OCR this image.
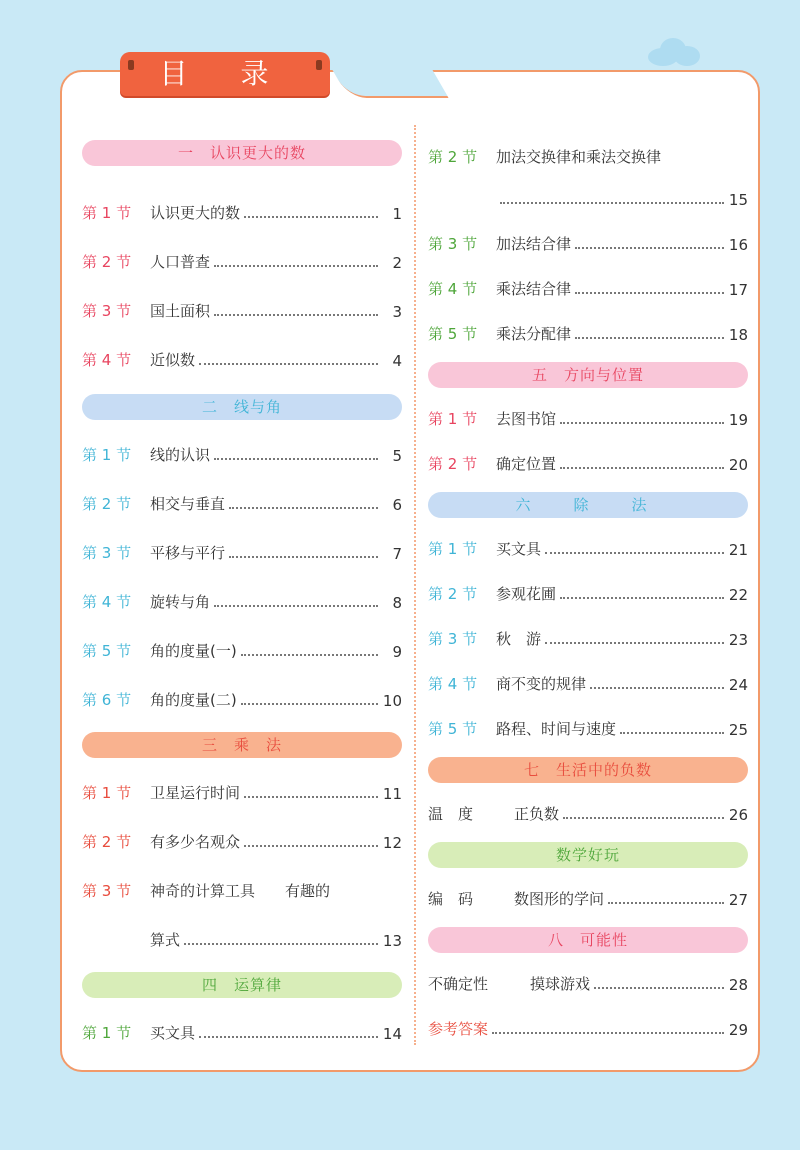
目 录
一　认识更大的数
第 1 节	认识更大的数	1
第 2 节	人口普查	2
第 3 节	国土面积	3
第 4 节	近似数	4
二　线与角
第 1 节	线的认识	5
第 2 节	相交与垂直	6
第 3 节	平移与平行	7
第 4 节	旋转与角	8
第 5 节	角的度量(一)	9
第 6 节	角的度量(二)	10
三　乘　法
第 1 节	卫星运行时间	11
第 2 节	有多少名观众	12
第 3 节	神奇的计算工具　　有趣的
算式	13
四　运算律
第 1 节	买文具	14
第 2 节	加法交换律和乘法交换律
15
第 3 节	加法结合律	16
第 4 节	乘法结合律	17
第 5 节	乘法分配律	18
五　方向与位置
第 1 节	去图书馆	19
第 2 节	确定位置	20
六　除　法
第 1 节	买文具	21
第 2 节	参观花圃	22
第 3 节	秋　游	23
第 4 节	商不变的规律	24
第 5 节	路程、时间与速度	25
七　生活中的负数
温　度	正负数	26
数学好玩
编　码	数图形的学问	27
八　可能性
不确定性	摸球游戏	28
参考答案	29
